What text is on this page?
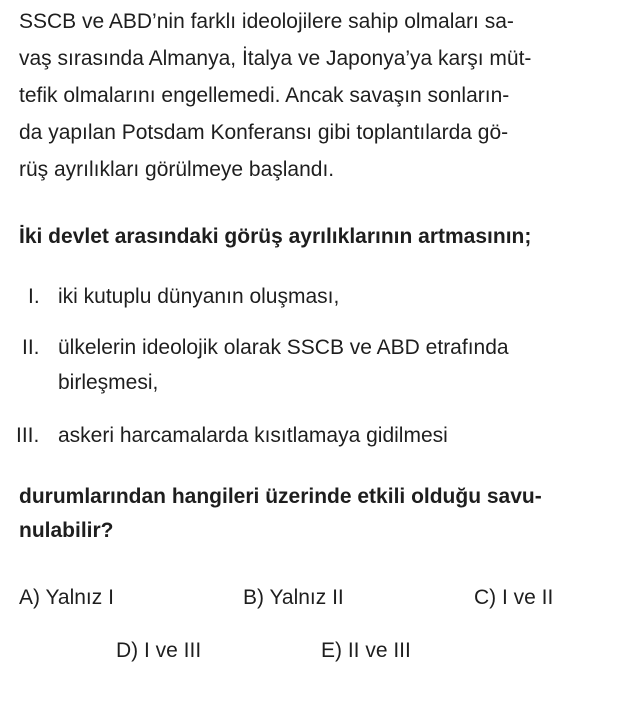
SSCB ve ABD’nin farklı ideolojilere sahip olmaları sa-
vaş sırasında Almanya, İtalya ve Japonya’ya karşı müt-
tefik olmalarını engellemedi. Ancak savaşın sonların-
da yapılan Potsdam Konferansı gibi toplantılarda gö-
rüş ayrılıkları görülmeye başlandı.
İki devlet arasındaki görüş ayrılıklarının artmasının;
I. iki kutuplu dünyanın oluşması,
II. ülkelerin ideolojik olarak SSCB ve ABD etrafında
birleşmesi,
III. askeri harcamalarda kısıtlamaya gidilmesi
durumlarından hangileri üzerinde etkili olduğu savu-
nulabilir?
A) Yalnız I	B) Yalnız II	C) I ve II
D) I ve III	E) II ve III
